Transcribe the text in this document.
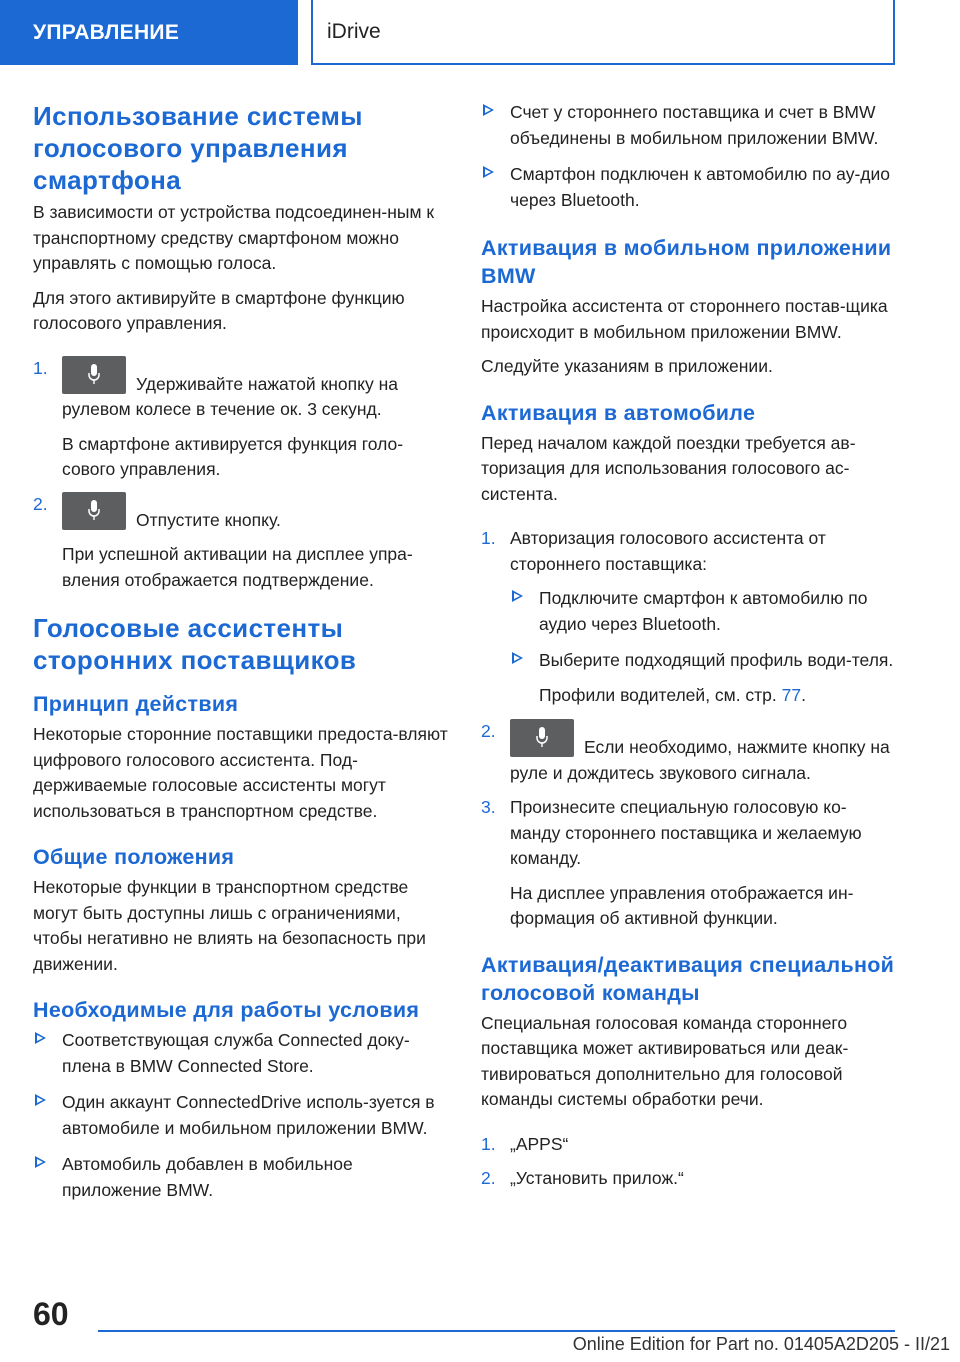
УПРАВЛЕНИЕ	iDrive
Использование системы голосового управления смартфона

В зависимости от устройства подсоединен-ным к транспортному средству смартфоном можно управлять с помощью голоса.

Для этого активируйте в смартфоне функцию голосового управления.

1.

Удерживайте нажатой кнопку на рулевом колесе в течение ок. 3 секунд.

В смартфоне активируется функция голо-сового управления.

2.

Отпустите кнопку.

При успешной активации на дисплее упра-вления отображается подтверждение.

Голосовые ассистенты сторонних поставщиков
Принцип действия

Некоторые сторонние поставщики предоста-вляют цифрового голосового ассистента. Под-держиваемые голосовые ассистенты могут использоваться в транспортном средстве.

Общие положения

Некоторые функции в транспортном средстве могут быть доступны лишь с ограничениями, чтобы негативно не влиять на безопасность при движении.

Необходимые для работы условия

Соответствующая служба Connected доку-плена в BMW Connected Store.

Один аккаунт ConnectedDrive исполь-зуется в автомобиле и мобильном приложении BMW.

Автомобиль добавлен в мобильное приложение BMW.

Счет у стороннего поставщика и счет в BMW объединены в мобильном приложении BMW.

Смартфон подключен к автомобилю по ау-дио через Bluetooth.

Активация в мобильном приложении BMW

Настройка ассистента от стороннего постав-щика происходит в мобильном приложении BMW.

Следуйте указаниям в приложении.

Активация в автомобиле

Перед началом каждой поездки требуется ав-торизация для использования голосового ас-систента.

1. Авторизация голосового ассистента от стороннего поставщика:

Подключите смартфон к автомобилю по аудио через Bluetooth.

Выберите подходящий профиль води-теля.

Профили водителей, см. стр. 77.

2.

Если необходимо, нажмите кнопку на руле и дождитесь звукового сигнала.

3. Произнесите специальную голосовую ко-манду стороннего поставщика и желаемую команду.

На дисплее управления отображается ин-формация об активной функции.

Активация/деактивация специальной голосовой команды

Специальная голосовая команда стороннего поставщика может активироваться или деак-тивироваться дополнительно для голосовой команды системы обработки речи.

1. „APPS“

2. „Установить прилож.“

60
Online Edition for Part no. 01405A2D205 - II/21
